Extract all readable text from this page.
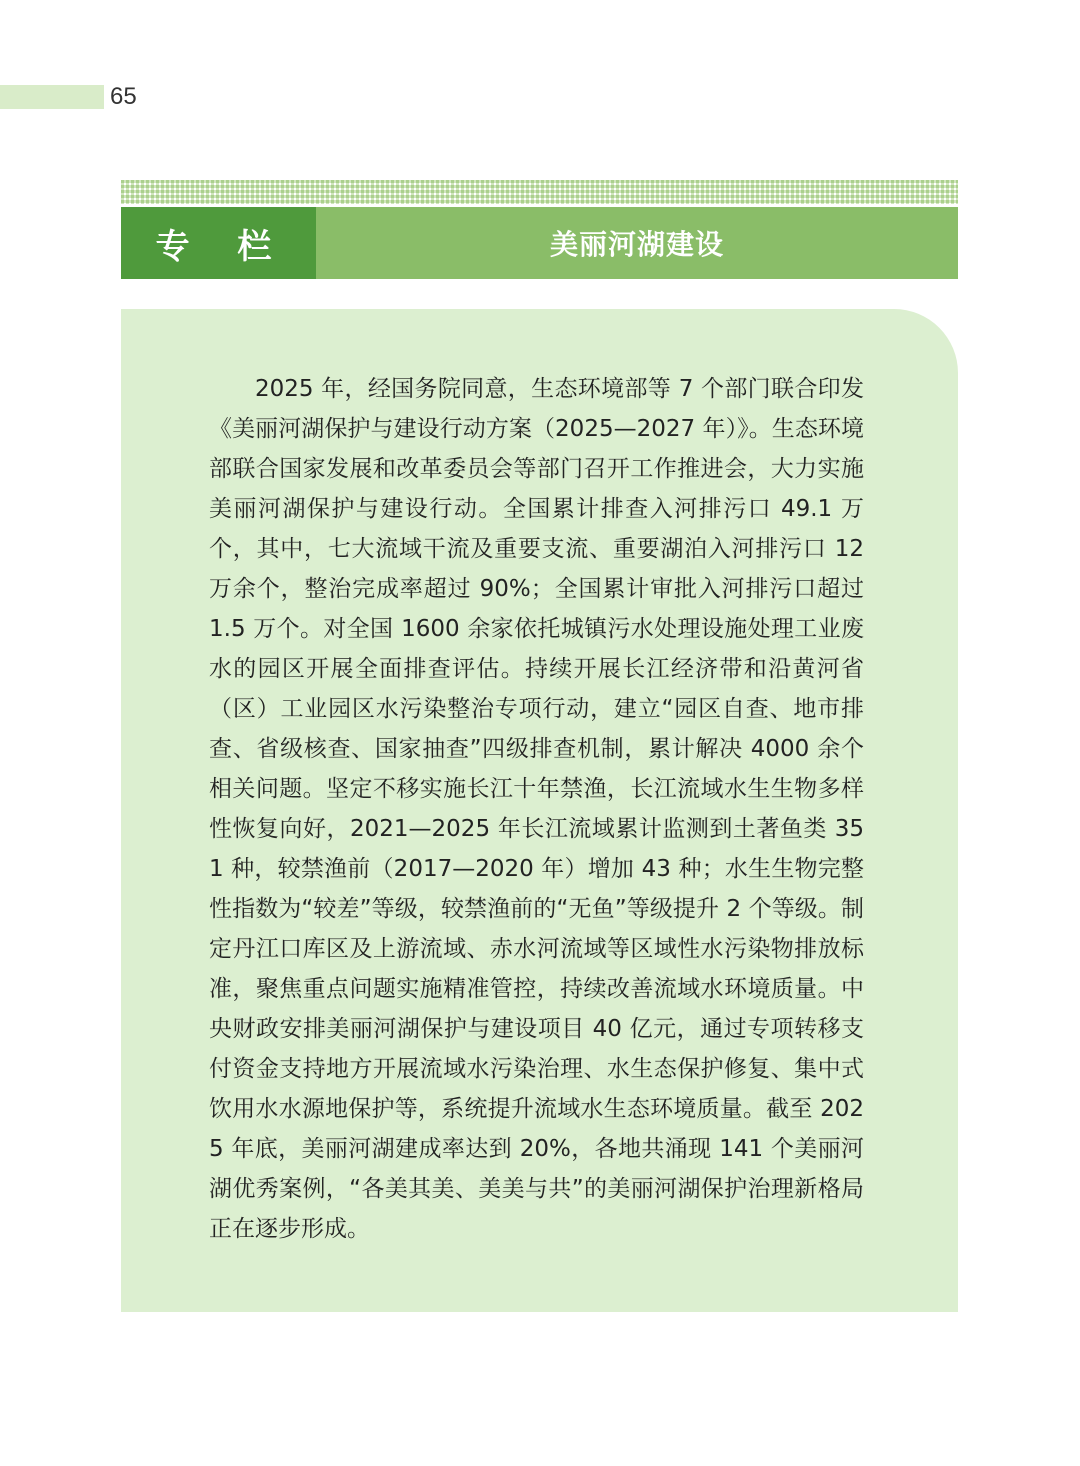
65
专 栏	美丽河湖建设

2025 年，经国务院同意，生态环境部等 7 个部门联合印发《美丽河湖保护与建设行动方案（2025—2027 年）》。生态环境部联合国家发展和改革委员会等部门召开工作推进会，大力实施美丽河湖保护与建设行动。全国累计排查入河排污口 49.1 万个，其中，七大流域干流及重要支流、重要湖泊入河排污口 12 万余个，整治完成率超过 90%；全国累计审批入河排污口超过 1.5 万个。对全国 1600 余家依托城镇污水处理设施处理工业废水的园区开展全面排查评估。持续开展长江经济带和沿黄河省（区）工业园区水污染整治专项行动，建立“园区自查、地市排查、省级核查、国家抽查”四级排查机制，累计解决 4000 余个相关问题。坚定不移实施长江十年禁渔，长江流域水生生物多样性恢复向好，2021—2025 年长江流域累计监测到土著鱼类 351 种，较禁渔前（2017—2020 年）增加 43 种；水生生物完整性指数为“较差”等级，较禁渔前的“无鱼”等级提升 2 个等级。制定丹江口库区及上游流域、赤水河流域等区域性水污染物排放标准，聚焦重点问题实施精准管控，持续改善流域水环境质量。中央财政安排美丽河湖保护与建设项目 40 亿元，通过专项转移支付资金支持地方开展流域水污染治理、水生态保护修复、集中式饮用水水源地保护等，系统提升流域水生态环境质量。截至 2025 年底，美丽河湖建成率达到 20%，各地共涌现 141 个美丽河湖优秀案例，“各美其美、美美与共”的美丽河湖保护治理新格局正在逐步形成。
